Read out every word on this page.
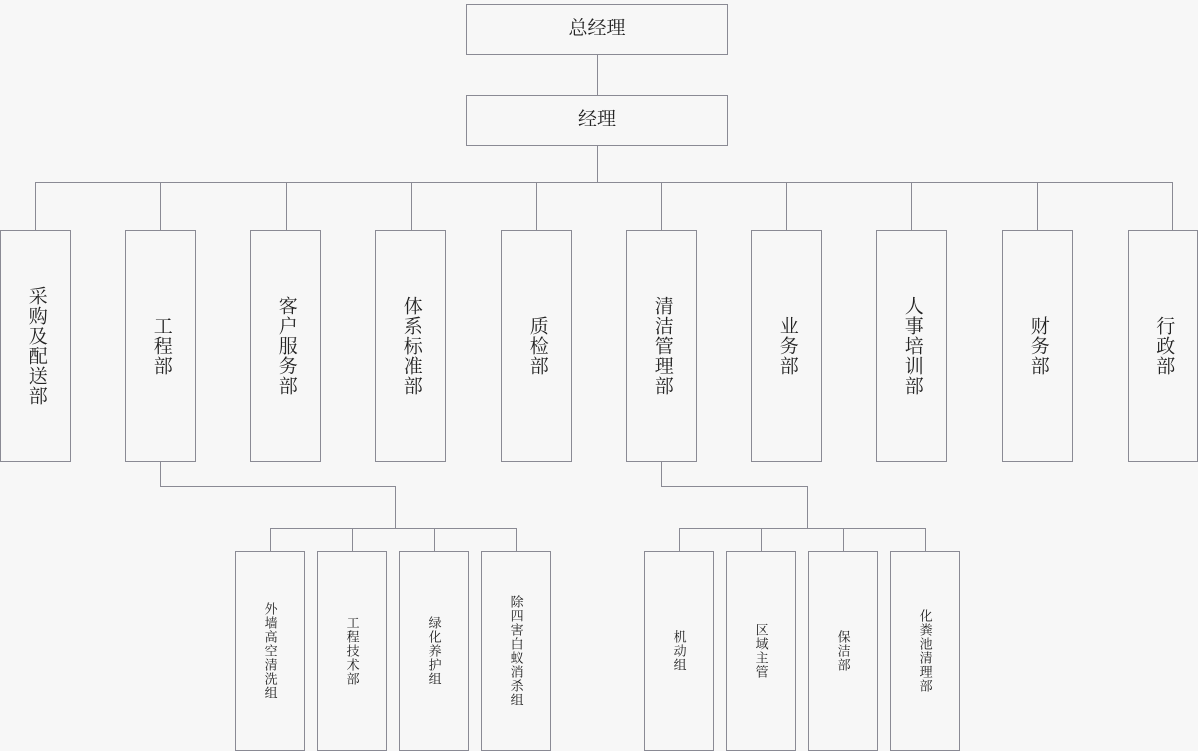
总经理
经理
采购及配送部	工程部	客户服务部	体系标准部	质检部	清洁管理部	业务部	人事培训部	财务部	行政部
外墙高空清洗组	工程技术部	绿化养护组	除四害白蚁消杀组	机动组	区域主管	保洁部	化粪池清理部
